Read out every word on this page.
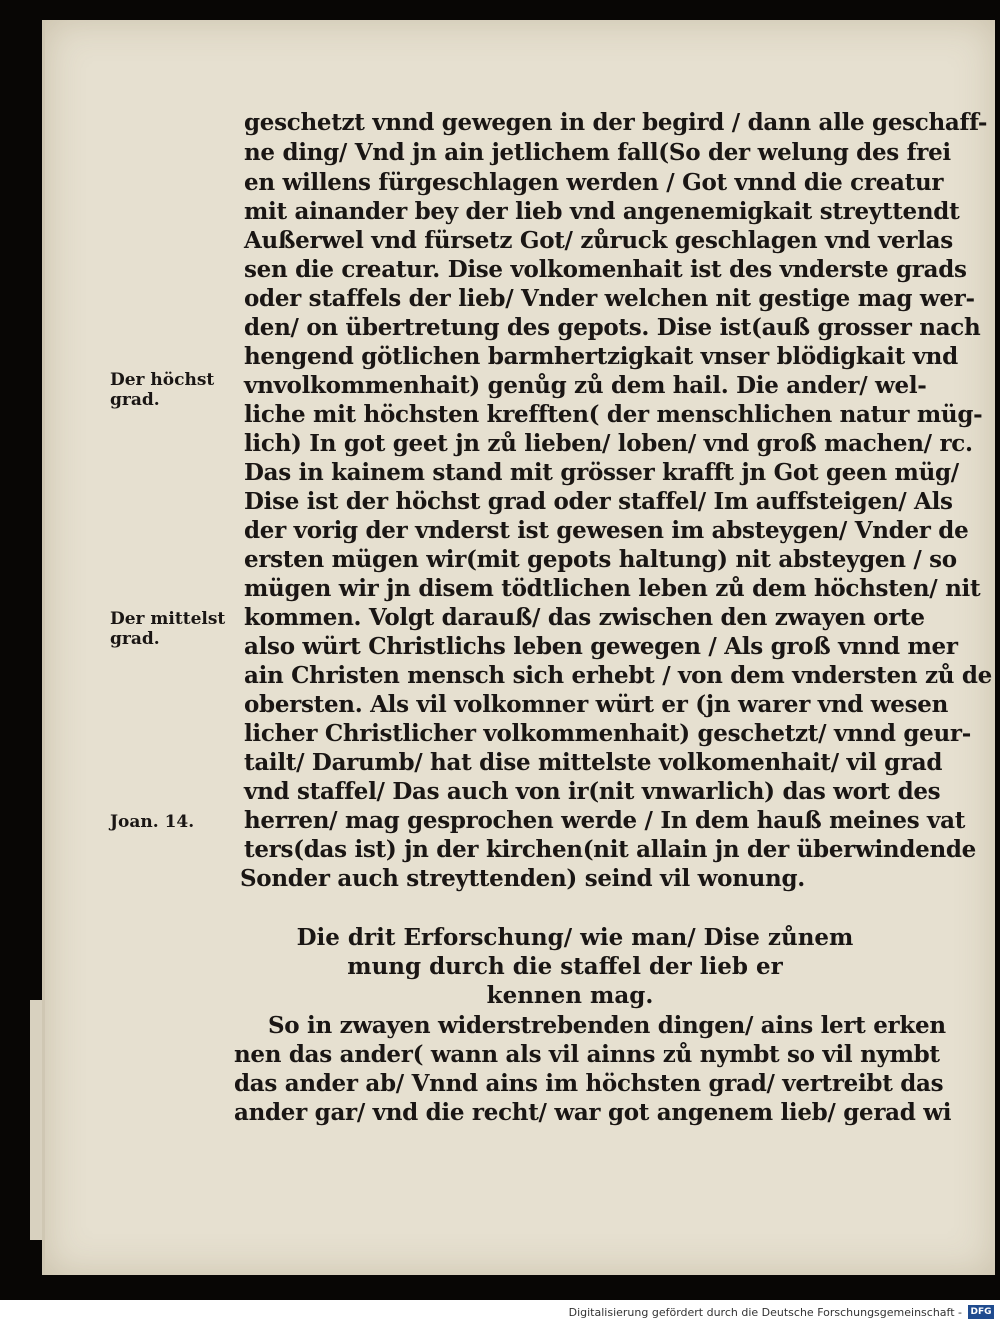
geschetzt vnnd gewegen in der begird / dann alle geschaff-
ne ding/ Vnd jn ain jetlichem fall(So der welung des frei
en willens fürgeschlagen werden / Got vnnd die creatur
mit ainander bey der lieb vnd angenemigkait streyttendt
Außerwel vnd fürsetz Got/ zůruck geschlagen vnd verlas
sen die creatur. Dise volkomenhait ist des vnderste grads
oder staffels der lieb/ Vnder welchen nit gestige mag wer-
den/ on übertretung des gepots. Dise ist(auß grosser nach
hengend götlichen barmhertzigkait vnser blödigkait vnd
vnvolkommenhait) genůg zů dem hail. Die ander/ wel-
liche mit höchsten krefften( der menschlichen natur müg-
lich) In got geet jn zů lieben/ loben/ vnd groß machen/ rc.
Das in kainem stand mit grösser krafft jn Got geen müg/
Dise ist der höchst grad oder staffel/ Im auffsteigen/ Als
der vorig der vnderst ist gewesen im absteygen/ Vnder de
ersten mügen wir(mit gepots haltung) nit absteygen / so
mügen wir jn disem tödtlichen leben zů dem höchsten/ nit
kommen. Volgt darauß/ das zwischen den zwayen orte
also würt Christlichs leben gewegen / Als groß vnnd mer
ain Christen mensch sich erhebt / von dem vndersten zů de
obersten. Als vil volkomner würt er (jn warer vnd wesen
licher Christlicher volkommenhait) geschetzt/ vnnd geur-
tailt/ Darumb/ hat dise mittelste volkomenhait/ vil grad
vnd staffel/ Das auch von ir(nit vnwarlich) das wort des
herren/ mag gesprochen werde / In dem hauß meines vat
ters(das ist) jn der kirchen(nit allain jn der überwindende
Sonder auch streyttenden) seind vil wonung.
Die drit Erforschung/ wie man/ Dise zůnem
mung durch die staffel der lieb er
kennen mag.
So in zwayen widerstrebenden dingen/ ains lert erken
nen das ander( wann als vil ainns zů nymbt so vil nymbt
das ander ab/ Vnnd ains im höchsten grad/ vertreibt das
ander gar/ vnd die recht/ war got angenem lieb/ gerad wi
Der höchst
grad.
Der mittelst
grad.
Joan. 14.
Digitalisierung gefördert durch die Deutsche Forschungsgemeinschaft - DFG
